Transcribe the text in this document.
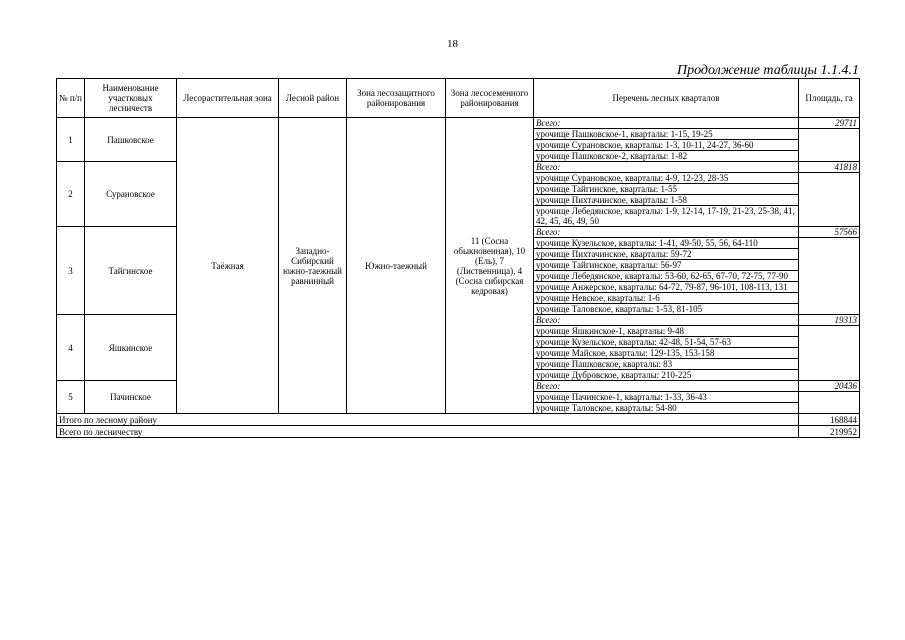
18
Продолжение таблицы 1.1.4.1
№ п/п	Наименование участковых лесничеств	Лесорастительная зона	Лесной район	Зона лесозащитного районирования	Зона лесосеменного районирования	Перечень лесных кварталов	Площадь, га
1	Пашковское	Таёжная	Западно-Сибирский южно-таежный равнинный	Южно-таежный	11 (Сосна обыкновенная), 10 (Ель), 7 (Лиственница), 4 (Сосна сибирская кедровая)	Всего:	29711
						урочище Пашковское-1, кварталы: 1-15, 19-25	
						урочище Сурановское, кварталы: 1-3, 10-11, 24-27, 36-60	
						урочище Пашковское-2, кварталы: 1-82	
2	Сурановское					Всего:	41818
						урочище Сурановское, кварталы: 4-9, 12-23, 28-35	
						урочище Тайгинское, кварталы: 1-55	
						урочище Пихтачинское, кварталы: 1-58	
						урочище Лебедянское, кварталы: 1-9, 12-14, 17-19, 21-23, 25-38, 41, 42, 45, 46, 49, 50	
3	Тайгинское					Всего:	57566
						урочище Кузельское, кварталы: 1-41, 49-50, 55, 56, 64-110	
						урочище Пихтачинское, кварталы: 59-72	
						урочище Тайгинское, кварталы: 56-97	
						урочище Лебедянское, кварталы: 53-60, 62-65, 67-70, 72-75, 77-90	
						урочище Анжерское, кварталы: 64-72, 79-87, 96-101, 108-113, 131	
						урочище Невское, кварталы: 1-6	
						урочище Таловское, кварталы: 1-53, 81-105	
4	Яшкинское					Всего:	19313
						урочище Яшкинское-1, кварталы: 9-48	
						урочище Кузельское, кварталы: 42-48, 51-54, 57-63	
						урочище Майское, кварталы: 129-135, 153-158	
						урочище Пашковское, кварталы: 83	
						урочище Дубровское, кварталы: 210-225	
5	Пачинское					Всего:	20436
						урочище Пачинское-1, кварталы: 1-33, 36-43	
						урочище Таловское, кварталы: 54-80	
Итого по лесному району							168844
Всего по лесничеству							219952
